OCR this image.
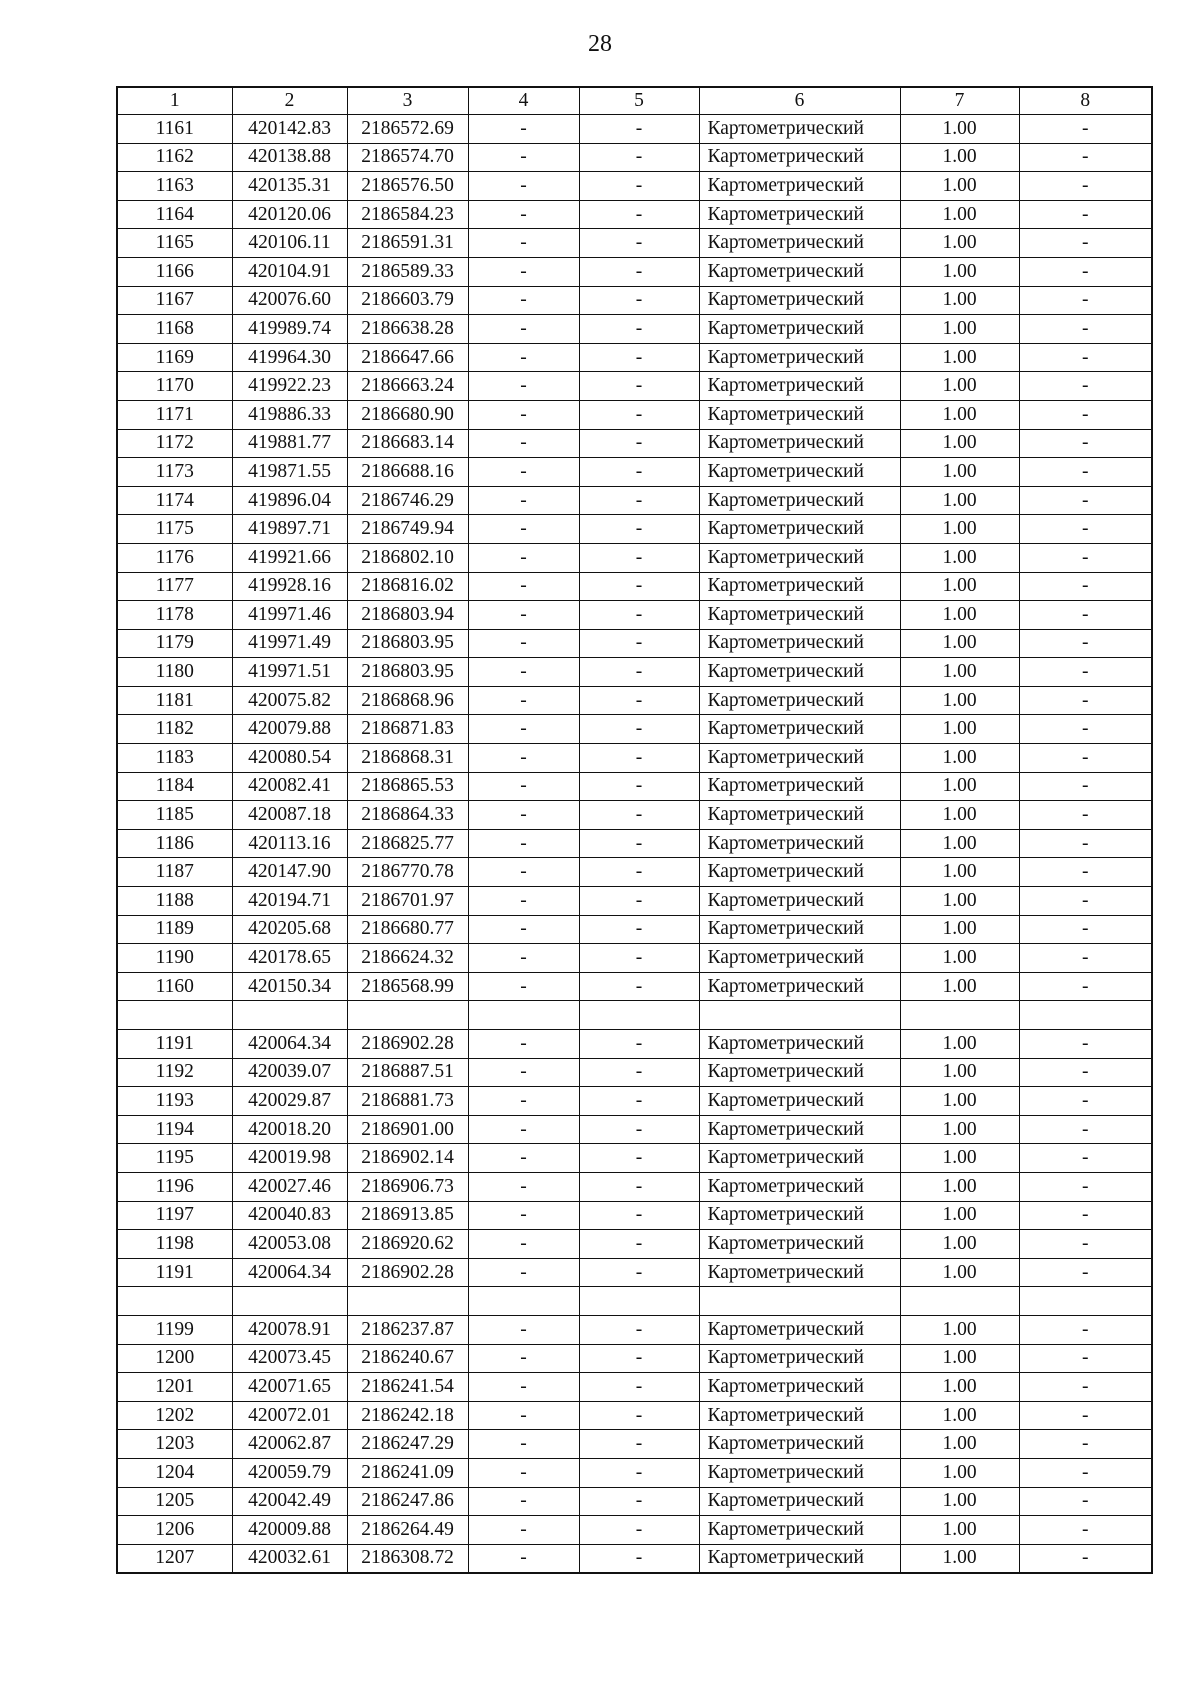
28
1	2	3	4	5	6	7	8
1161	420142.83	2186572.69	-	-	Картометрический	1.00	-
1162	420138.88	2186574.70	-	-	Картометрический	1.00	-
1163	420135.31	2186576.50	-	-	Картометрический	1.00	-
1164	420120.06	2186584.23	-	-	Картометрический	1.00	-
1165	420106.11	2186591.31	-	-	Картометрический	1.00	-
1166	420104.91	2186589.33	-	-	Картометрический	1.00	-
1167	420076.60	2186603.79	-	-	Картометрический	1.00	-
1168	419989.74	2186638.28	-	-	Картометрический	1.00	-
1169	419964.30	2186647.66	-	-	Картометрический	1.00	-
1170	419922.23	2186663.24	-	-	Картометрический	1.00	-
1171	419886.33	2186680.90	-	-	Картометрический	1.00	-
1172	419881.77	2186683.14	-	-	Картометрический	1.00	-
1173	419871.55	2186688.16	-	-	Картометрический	1.00	-
1174	419896.04	2186746.29	-	-	Картометрический	1.00	-
1175	419897.71	2186749.94	-	-	Картометрический	1.00	-
1176	419921.66	2186802.10	-	-	Картометрический	1.00	-
1177	419928.16	2186816.02	-	-	Картометрический	1.00	-
1178	419971.46	2186803.94	-	-	Картометрический	1.00	-
1179	419971.49	2186803.95	-	-	Картометрический	1.00	-
1180	419971.51	2186803.95	-	-	Картометрический	1.00	-
1181	420075.82	2186868.96	-	-	Картометрический	1.00	-
1182	420079.88	2186871.83	-	-	Картометрический	1.00	-
1183	420080.54	2186868.31	-	-	Картометрический	1.00	-
1184	420082.41	2186865.53	-	-	Картометрический	1.00	-
1185	420087.18	2186864.33	-	-	Картометрический	1.00	-
1186	420113.16	2186825.77	-	-	Картометрический	1.00	-
1187	420147.90	2186770.78	-	-	Картометрический	1.00	-
1188	420194.71	2186701.97	-	-	Картометрический	1.00	-
1189	420205.68	2186680.77	-	-	Картометрический	1.00	-
1190	420178.65	2186624.32	-	-	Картометрический	1.00	-
1160	420150.34	2186568.99	-	-	Картометрический	1.00	-

1191	420064.34	2186902.28	-	-	Картометрический	1.00	-
1192	420039.07	2186887.51	-	-	Картометрический	1.00	-
1193	420029.87	2186881.73	-	-	Картометрический	1.00	-
1194	420018.20	2186901.00	-	-	Картометрический	1.00	-
1195	420019.98	2186902.14	-	-	Картометрический	1.00	-
1196	420027.46	2186906.73	-	-	Картометрический	1.00	-
1197	420040.83	2186913.85	-	-	Картометрический	1.00	-
1198	420053.08	2186920.62	-	-	Картометрический	1.00	-
1191	420064.34	2186902.28	-	-	Картометрический	1.00	-

1199	420078.91	2186237.87	-	-	Картометрический	1.00	-
1200	420073.45	2186240.67	-	-	Картометрический	1.00	-
1201	420071.65	2186241.54	-	-	Картометрический	1.00	-
1202	420072.01	2186242.18	-	-	Картометрический	1.00	-
1203	420062.87	2186247.29	-	-	Картометрический	1.00	-
1204	420059.79	2186241.09	-	-	Картометрический	1.00	-
1205	420042.49	2186247.86	-	-	Картометрический	1.00	-
1206	420009.88	2186264.49	-	-	Картометрический	1.00	-
1207	420032.61	2186308.72	-	-	Картометрический	1.00	-
